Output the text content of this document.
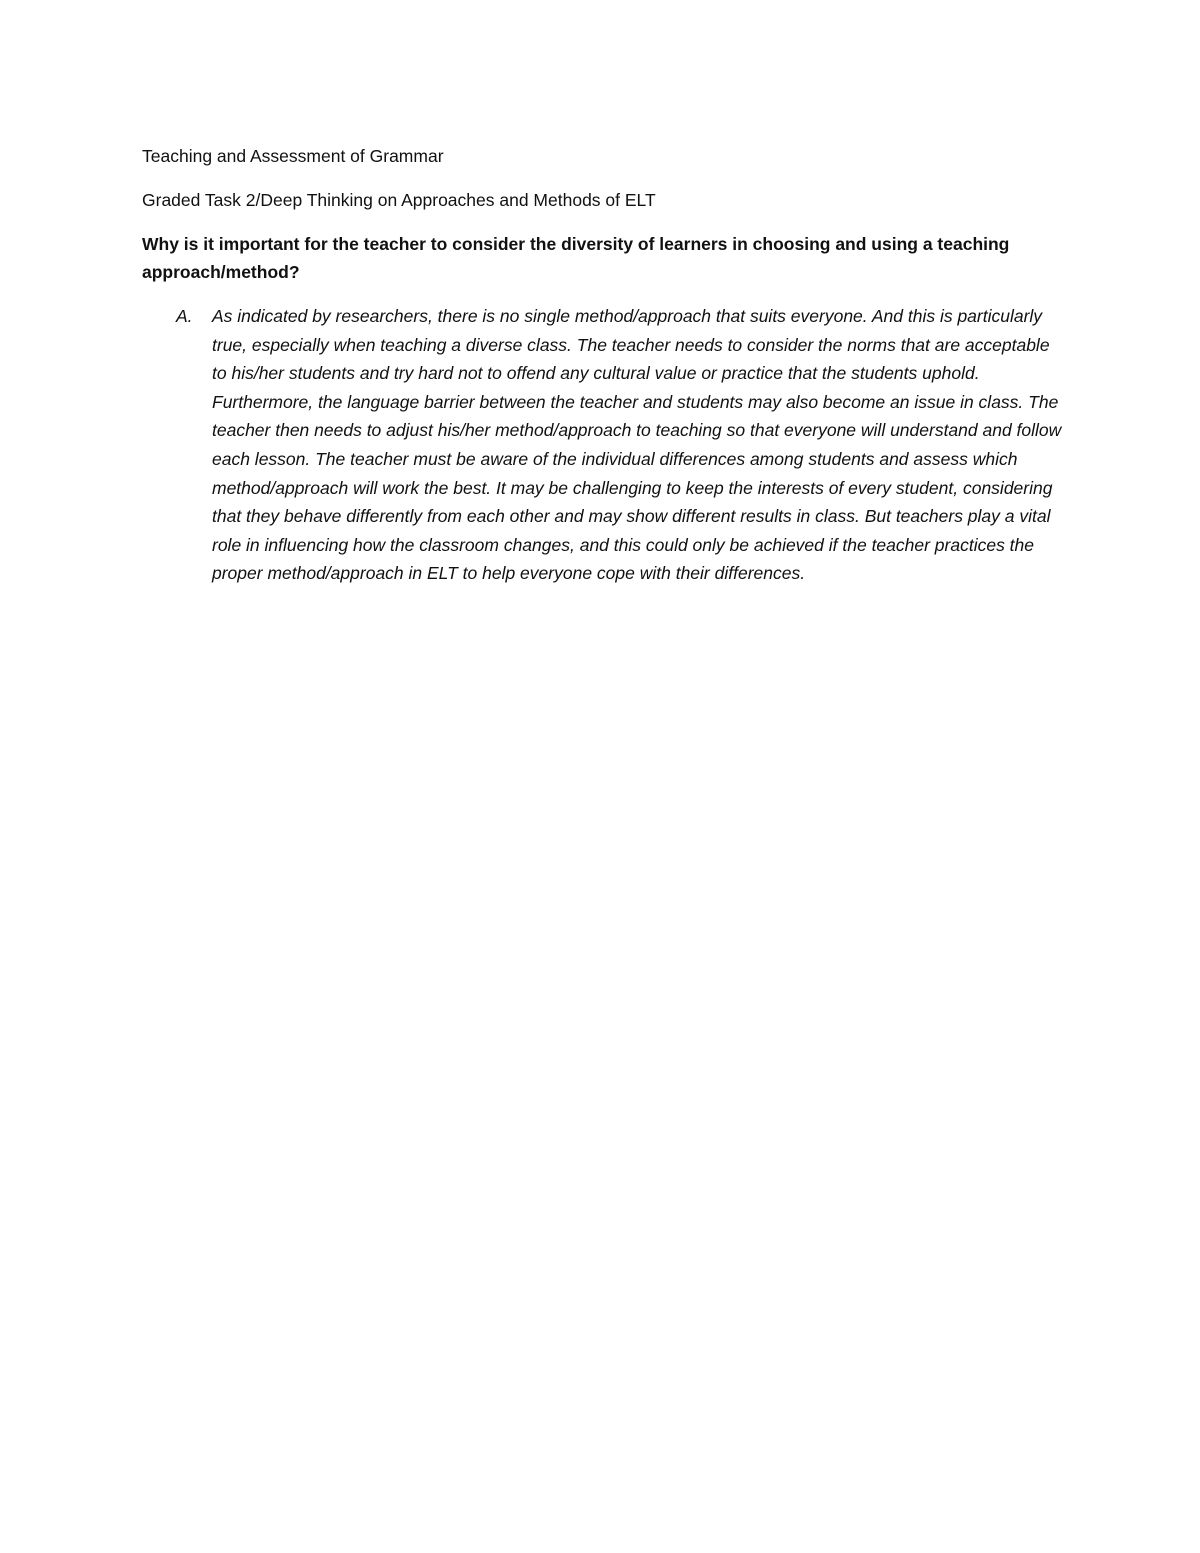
Teaching and Assessment of Grammar
Graded Task 2/Deep Thinking on Approaches and Methods of ELT
Why is it important for the teacher to consider the diversity of learners in choosing and using a teaching approach/method?
A. As indicated by researchers, there is no single method/approach that suits everyone. And this is particularly true, especially when teaching a diverse class. The teacher needs to consider the norms that are acceptable to his/her students and try hard not to offend any cultural value or practice that the students uphold. Furthermore, the language barrier between the teacher and students may also become an issue in class. The teacher then needs to adjust his/her method/approach to teaching so that everyone will understand and follow each lesson. The teacher must be aware of the individual differences among students and assess which method/approach will work the best. It may be challenging to keep the interests of every student, considering that they behave differently from each other and may show different results in class. But teachers play a vital role in influencing how the classroom changes, and this could only be achieved if the teacher practices the proper method/approach in ELT to help everyone cope with their differences.
